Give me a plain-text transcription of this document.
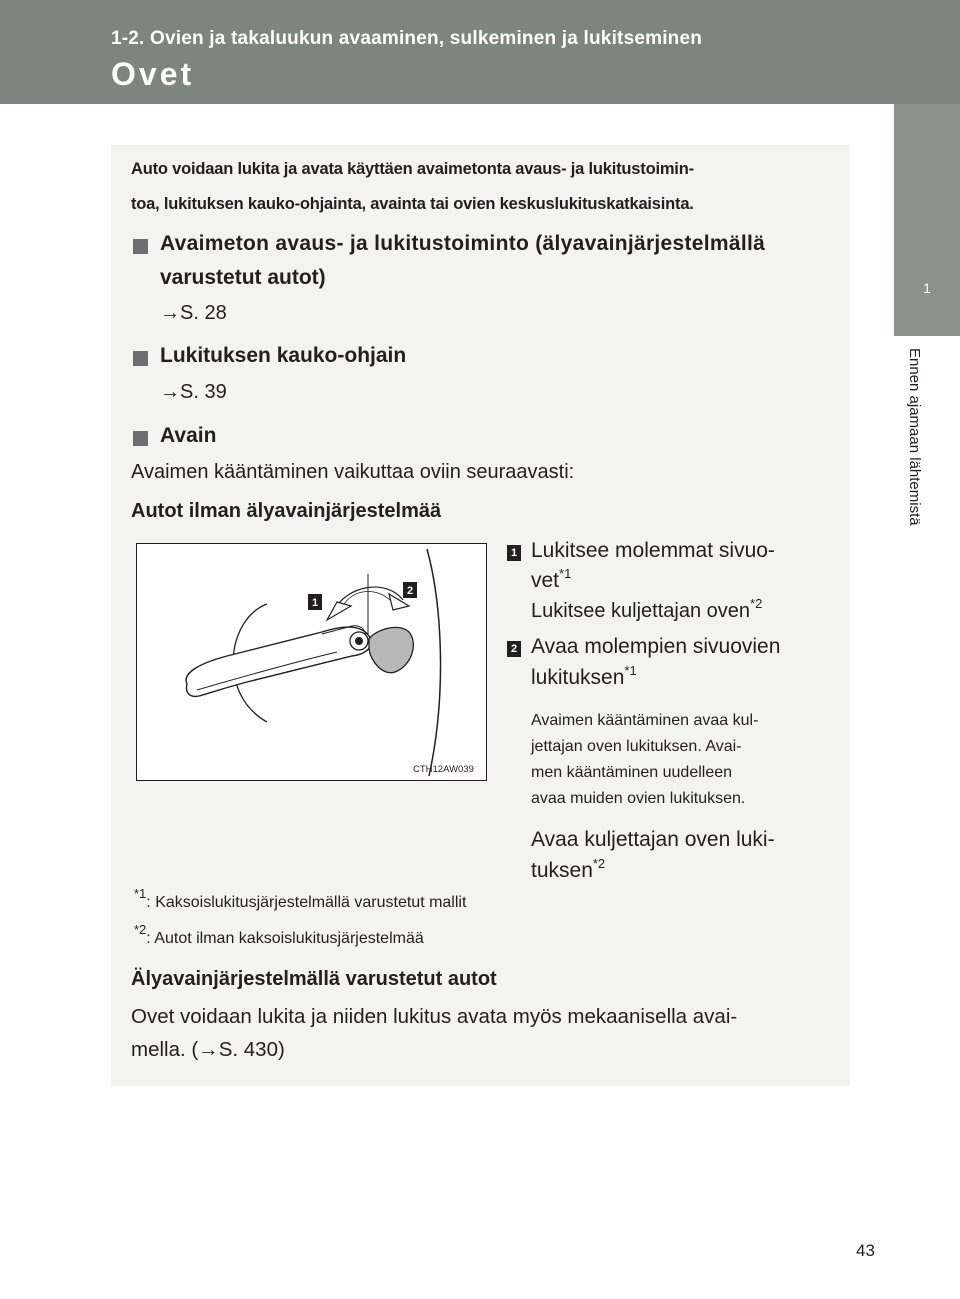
1-2. Ovien ja takaluukun avaaminen, sulkeminen ja lukitseminen
Ovet
1
Ennen ajamaan lähtemistä
Auto voidaan lukita ja avata käyttäen avaimetonta avaus- ja lukitustoimin-
toa, lukituksen kauko-ohjainta, avainta tai ovien keskuslukituskatkaisinta.
Avaimeton avaus- ja lukitustoiminto (älyavainjärjestelmällä
varustetut autot)
→S. 28
Lukituksen kauko-ohjain
→S. 39
Avain
Avaimen kääntäminen vaikuttaa oviin seuraavasti:
Autot ilman älyavainjärjestelmää
1
2
CTH12AW039
1 Lukitsee molemmat sivuo-
vet$^{*1}$
Lukitsee kuljettajan oven$^{*2}$
2 Avaa molempien sivuovien
lukituksen$^{*1}$
Avaimen kääntäminen avaa kul-
jettajan oven lukituksen. Avai-
men kääntäminen uudelleen
avaa muiden ovien lukituksen.
Avaa kuljettajan oven luki-
tuksen$^{*2}$
$^{*1}$: Kaksoislukitusjärjestelmällä varustetut mallit
$^{*2}$: Autot ilman kaksoislukitusjärjestelmää
Älyavainjärjestelmällä varustetut autot
Ovet voidaan lukita ja niiden lukitus avata myös mekaanisella avai-
mella. (→S. 430)
43
